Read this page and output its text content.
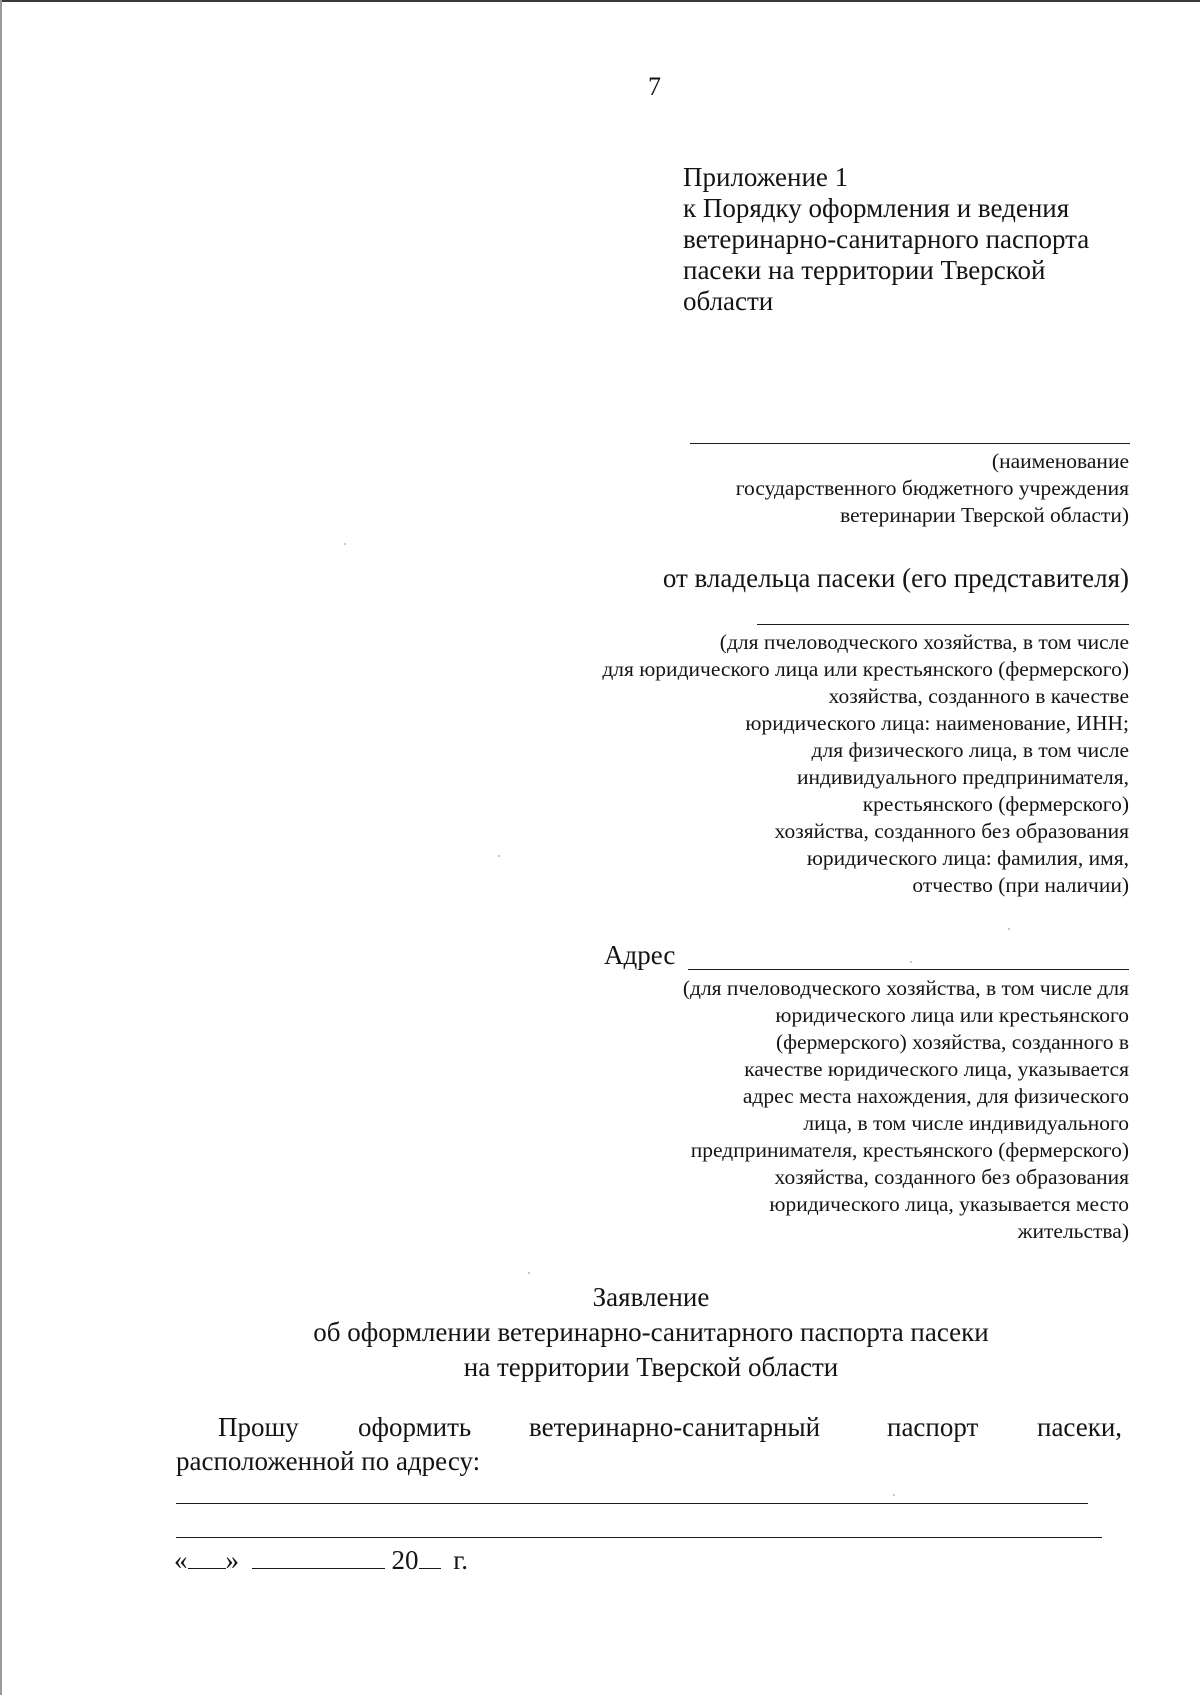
7
Приложение 1
к Порядку оформления и ведения
ветеринарно-санитарного паспорта
пасеки на территории Тверской
области
(наименование
государственного бюджетного учреждения
ветеринарии Тверской области)
от владельца пасеки (его представителя)
(для пчеловодческого хозяйства, в том числе
для юридического лица или крестьянского (фермерского)
хозяйства, созданного в качестве
юридического лица: наименование, ИНН;
для физического лица, в том числе
индивидуального предпринимателя,
крестьянского (фермерского)
хозяйства, созданного без образования
юридического лица: фамилия, имя,
отчество (при наличии)
Адрес
(для пчеловодческого хозяйства, в том числе для
юридического лица или крестьянского
(фермерского) хозяйства, созданного в
качестве юридического лица, указывается
адрес места нахождения, для физического
лица, в том числе индивидуального
предпринимателя, крестьянского (фермерского)
хозяйства, созданного без образования
юридического лица, указывается место
жительства)
Заявление
об оформлении ветеринарно-санитарного паспорта пасеки
на территории Тверской области
Прошу оформить ветеринарно-санитарный паспорт пасеки,
расположенной по адресу:
« »	20 г.
